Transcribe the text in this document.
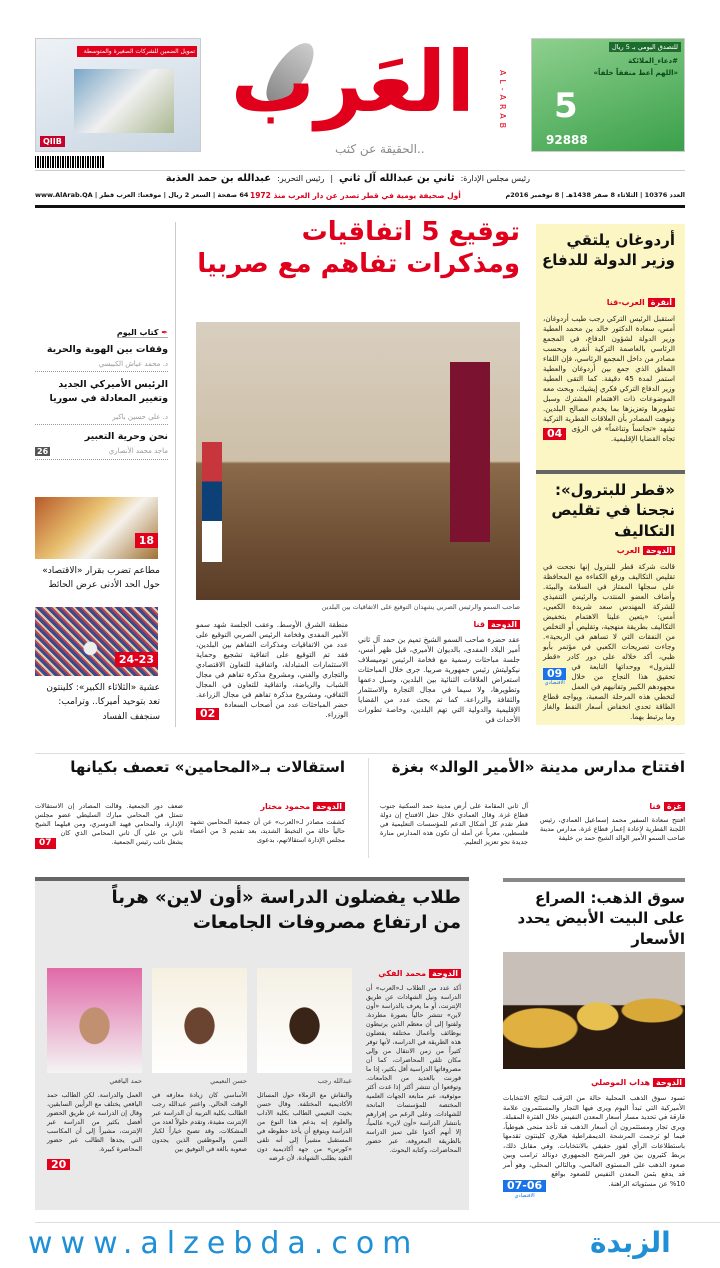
تمويل الضمين للشركات الصغيرة والمتوسطة
QIIB
العَرب	AL-ARAB
..الحقيقة عن كثب
للتصدق اليومي بـ 5 ريال
#دعاء_الملائكة
«اللهم أعط منفقاً خلفاً»
5
92888
رئيس مجلس الإدارة:
ثاني بن عبدالله آل ثاني
|
رئيس التحرير:
عبدالله بن حمد العذبة
العدد 10376 | الثلاثاء 8 صفر 1438هـ | 8 نوفمبر 2016م
أول صحيفة يومية في قطر تصدر عن دار العرب منذ 1972
64 صفحة | السعر 2 ريال | موقعنا: العرب قطر | www.AlArab.QA
أردوغان يلتقي وزير الدولة للدفاع
أنقرة
العرب-قنا
04
استقبل الرئيس التركي رجب طيب أردوغان، أمس، سعادة الدكتور خالد بن محمد العطية وزير الدولة لشؤون الدفاع، في المجمع الرئاسي بالعاصمة التركية أنقرة. وبحسب مصادر من داخل المجمع الرئاسي، فإن اللقاء المغلق الذي جمع بين أردوغان والعطية استمر لمدة 45 دقيقة. كما التقى العطية وزير الدفاع التركي فكري إيشيك، وبحث معه الموضوعات ذات الاهتمام المشترك وسبل تطويرها وتعزيزها بما يخدم مصالح البلدين. ونوهت المصادر بأن العلاقات القطرية التركية تشهد «تجانساً وتناغماً» في الرؤى تجاه القضايا الإقليمية.
«قطر للبترول»: نجحنا في تقليص التكاليف
الدوحة
العرب
09
الاقتصادي
قالت شركة قطر للبترول إنها نجحت في تقليص التكاليف ورفع الكفاءة مع المحافظة على سجلها الممتاز في السلامة والبيئة. وأضاف العضو المنتدب والرئيس التنفيذي للشركة المهندس سعد شريدة الكعبي، أمس: «يتعين علينا الاهتمام بتخفيض التكاليف بطريقة منهجية، وتقليص أو التخلص من النفقات التي لا تساهم في الربحية». وجاءت تصريحات الكعبي في مؤتمر بأبو ظبي، أكد خلاله على دور كادر «قطر للبترول» ووحداتها التابعة في تحقيق هذا النجاح من خلال مجهودهم الكبير وتفانيهم في العمل لتخطي هذه المرحلة الصعبة، ويواجه قطاع الطاقة تحدي انخفاض أسعار النفط والغاز وما يرتبط بهما.
توقيع 5 اتفاقيات ومذكرات تفاهم مع صربيا
صاحب السمو والرئيس الصربي يشهدان التوقيع على الاتفاقيات بين البلدين
الدوحة
قنا
عقد حضرة صاحب السمو الشيخ تميم بن حمد آل ثاني أمير البلاد المفدى، بالديوان الأميري، قبل ظهر أمس، جلسة مباحثات رسمية مع فخامة الرئيس توميسلاف نيكوليتش رئيس جمهورية صربيا. جرى خلال المباحثات استعراض العلاقات الثنائية بين البلدين، وسبل دعمها وتطويرها، ولا سيما في مجال التجارة والاستثمار والثقافة والزراعة. كما تم بحث عدد من القضايا الإقليمية والدولية التي تهم البلدين، وخاصة تطورات الأحداث في
02
منطقة الشرق الأوسط. وعقب الجلسة شهد سمو الأمير المفدى وفخامة الرئيس الصربي التوقيع على عدد من الاتفاقيات ومذكرات التفاهم بين البلدين، فقد تم التوقيع على اتفاقية تشجيع وحماية الاستثمارات المتبادلة، واتفاقية للتعاون الاقتصادي والتجاري والفني، ومشروع مذكرة تفاهم في مجال الشباب والرياضة، واتفاقية للتعاون في المجال الثقافي، ومشروع مذكرة تفاهم في مجال الزراعة. حضر المباحثات عدد من أصحاب السعادة الوزراء.
✒ كتاب اليوم
وقفات بين الهوية والحرية
د. محمد عياش الكبيسي
الرئيس الأميركي الجديد وتغيير المعادلة في سوريا
د. علي حسين باكير
نحن وحرية التعبير
ماجد محمد الأنصاري
26
18
مطاعم تضرب بقرار «الاقتصاد» حول الحد الأدنى عرض الحائط
24-23
عشية «الثلاثاء الكبير»: كلينتون تعد بتوحيد أميركا.. وترامب: سنجفف الفساد
افتتاح مدارس مدينة «الأمير الوالد» بغزة
غزة
قنا
افتتح سعادة السفير محمد إسماعيل العمادي، رئيس اللجنة القطرية لإعادة إعمار قطاع غزة، مدارس مدينة صاحب السمو الأمير الوالد الشيخ حمد بن خليفة
آل ثاني المقامة على أرض مدينة حمد السكنية جنوب قطاع غزة. وقال العمادي خلال حفل الافتتاح إن دولة قطر تقدم كل أشكال الدعم للمؤسسات التعليمية في فلسطين، معرباً عن أمله أن تكون هذه المدارس منارة جديدة نحو تعزيز التعليم.
استقالات بـ«المحامين» تعصف بكيانها
الدوحة
محمود مختار
كشفت مصادر لـ«العرب» عن أن جمعية المحامين تشهد حالياً حالة من التخبط الشديد، بعد تقديم 3 من أعضاء مجلس الإدارة استقالاتهم، بدعوى
07
ضعف دور الجمعية. وقالت المصادر إن الاستقالات تتمثل في المحامي مبارك السليطي عضو مجلس الإدارة، والمحامي فهيد الدوسري، ومن قبلهما الشيخ ثاني بن علي آل ثاني المحامي الذي كان يشغل نائب رئيس الجمعية.
سوق الذهب: الصراع على البيت الأبيض يحدد الأسعار
الدوحة
هداب الموصلي
07-06
الاقتصادي
تسود سوق الذهب المحلية حالة من الترقب لنتائج الانتخابات الأميركية التي تبدأ اليوم ويرى فيها التجار والمستثمرون علامة فارقة في تحديد مسار أسعار المعدن النفيس خلال الفترة المقبلة. ويرى تجار ومستثمرون أن أسعار الذهب قد تأخذ منحى هبوطياً، فيما لو ترجمت المرشحة الديمقراطية هيلاري كلينتون تقدمها باستطلاعات الرأي لفوز حقيقي بالانتخابات. وفي مقابل ذلك، يربط كثيرون بين فوز المرشح الجمهوري دونالد ترامب وبين صعود الذهب على المستوى العالمي، وبالتالي المحلي، وهو أمر قد يدفع بثمن المعدن النفيس للصعود بواقع 10% عن مستوياته الراهنة.
طلاب يفضلون الدراسة «أون لاين» هرباً من ارتفاع مصروفات الجامعات
الدوحة
محمد الفكي
أكد عدد من الطلاب لـ«العرب» أن الدراسة ونيل الشهادات عن طريق الإنترنت، أو ما يعرف بالدراسة «أون لاين» تنتشر حالياً بصورة مطردة. ولفتوا إلى أن معظم الذين يرتبطون بوظائف وأعمال مختلفة يفضلون هذه الطريقة في الدراسة، لأنها توفر كثيراً من زمن الانتقال من وإلى مكان تلقي المحاضرات، كما أن مصروفاتها الدراسية أقل بكثير، إذا ما قورنت بالعديد من الجامعات. وتوقعوا أن تنتشر أكثر إذا غدت أكثر موثوقية، عبر متابعة الجهات العلمية المختصة للمؤسسات المانحة للشهادات. وعلى الرغم من إقرارهم بانتشار الدراسة «أون لاين» عالمياً، إلا أنهم أكدوا على تميز الدراسة بالطريقة المعروفة، عبر حضور المحاضرات، وكتابة البحوث.
عبدالله رجب
حسن النعيمي
حمد اليافعي
والنقاش مع الزملاء حول المسائل الأكاديمية المختلفة. وقال حسن بخيت النعيمي الطالب بكلية الآداب والعلوم إنه يدعم هذا النوع من الدراسة ويتوقع أن يأخذ حظوظه في المستقبل مشيراً إلى أنه تلقى «كورس» من جهة أكاديمية دون التقيد بطلب الشهادة، لأن غرضه
الأساسي كان زيادة معارفه في الوقت الحالي. واعتبر عبدالله رجب الطالب بكلية التربية أن الدراسة عبر الإنترنت مفيدة، وتقدم حلولاً لعدد من المشكلات، وقد تصبح خياراً لكبار السن والموظفين الذين يجدون صعوبة بالغة في التوفيق بين
20
العمل والدراسة. لكن الطالب حمد اليافعي يختلف مع الرأيين السابقين، وقال إن الدراسة عن طريق الحضور أفضل بكثير من الدراسة عبر الإنترنت، مشيراً إلى أن المكاسب التي يجدها الطالب عبر حضور المحاضرة كبيرة.
www.alzebda.com	الزبدة
